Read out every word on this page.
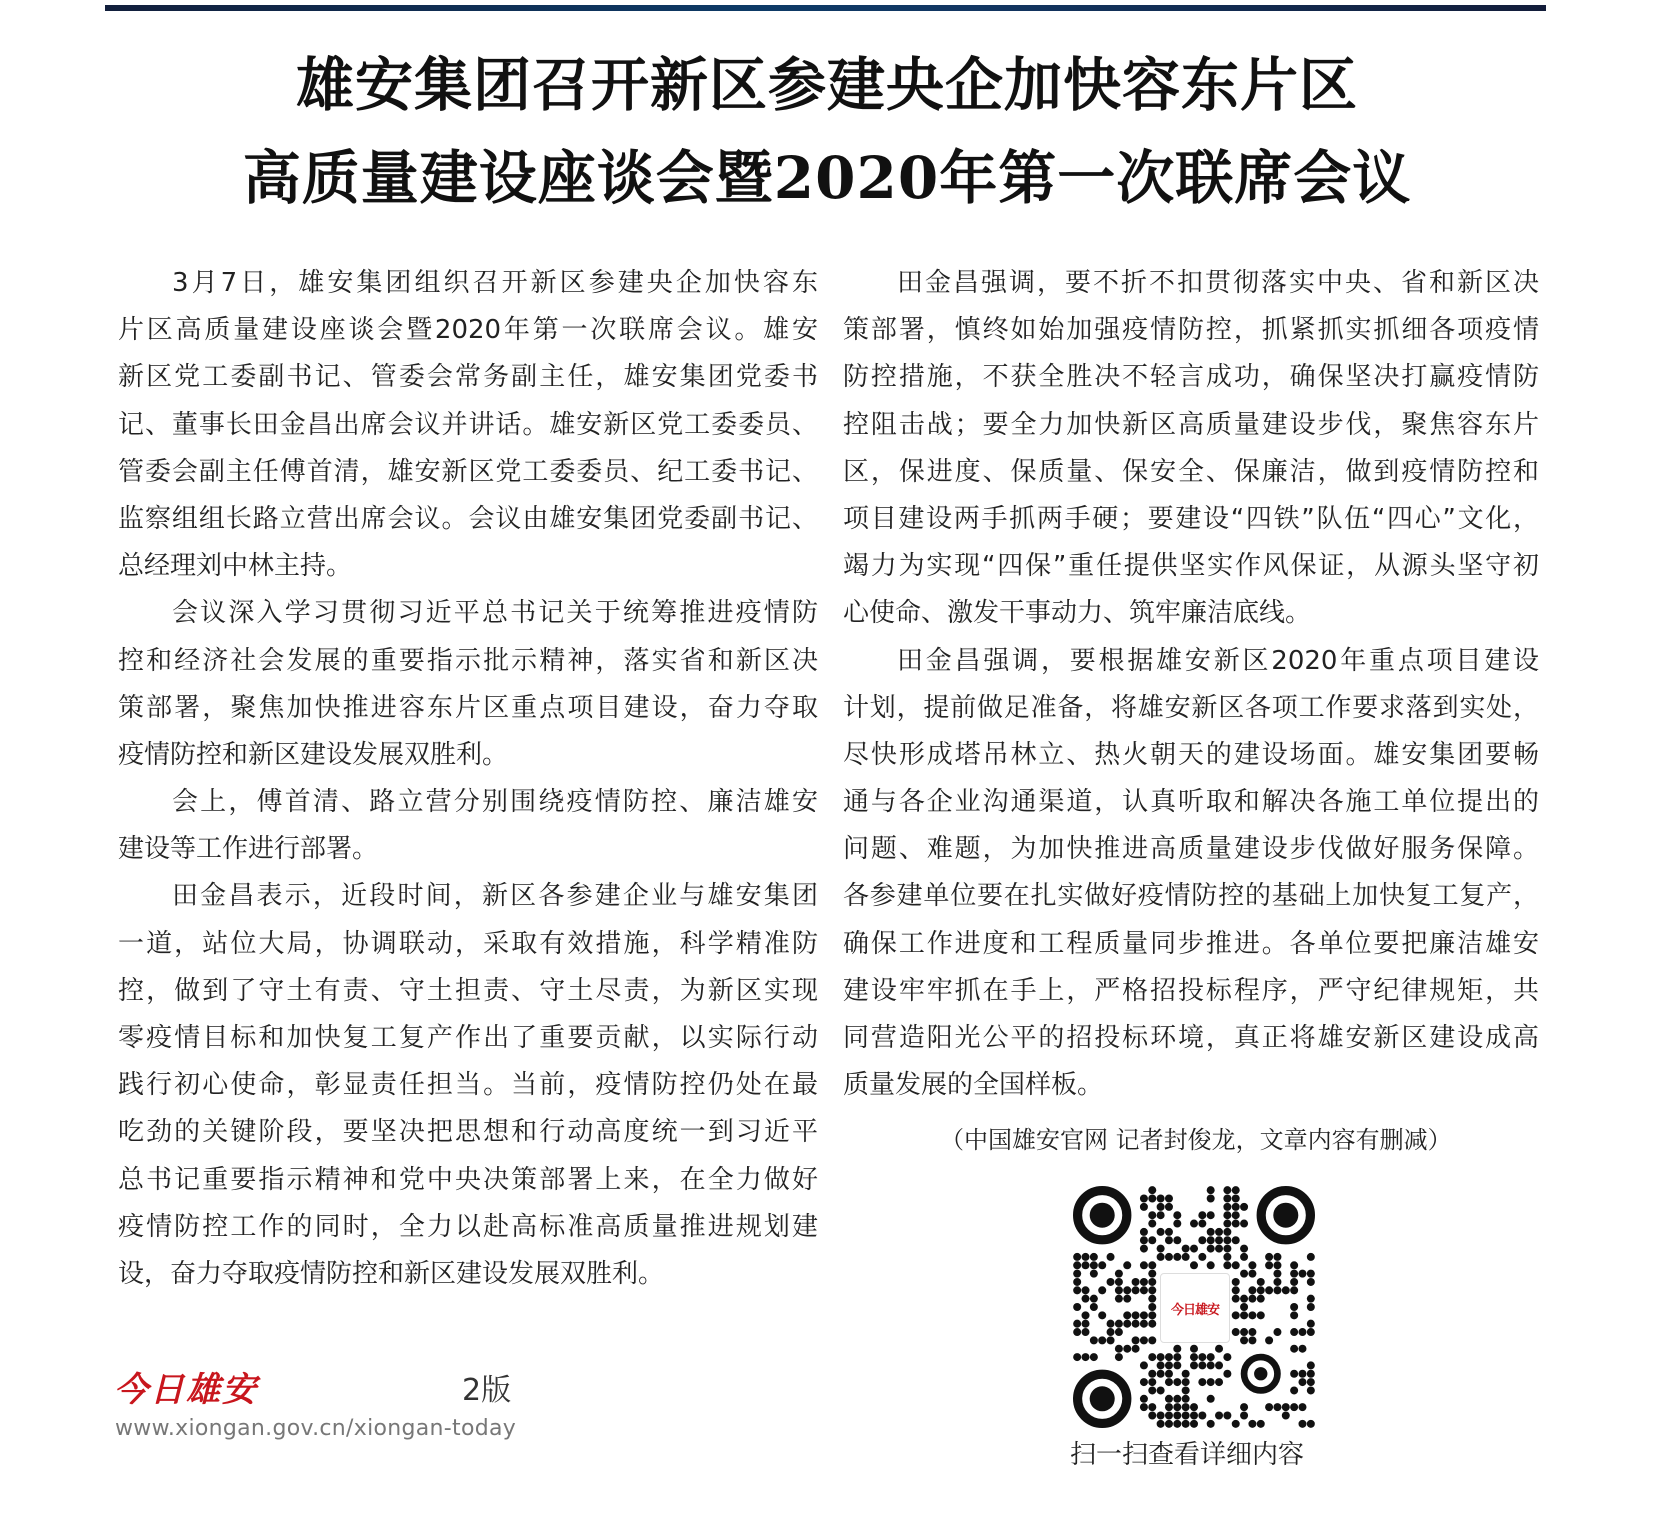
雄安集团召开新区参建央企加快容东片区
高质量建设座谈会暨2020年第一次联席会议
3月7日，雄安集团组织召开新区参建央企加快容东
片区高质量建设座谈会暨2020年第一次联席会议。雄安
新区党工委副书记、管委会常务副主任，雄安集团党委书
记、董事长田金昌出席会议并讲话。雄安新区党工委委员、
管委会副主任傅首清，雄安新区党工委委员、纪工委书记、
监察组组长路立营出席会议。会议由雄安集团党委副书记、
总经理刘中林主持。
会议深入学习贯彻习近平总书记关于统筹推进疫情防
控和经济社会发展的重要指示批示精神，落实省和新区决
策部署，聚焦加快推进容东片区重点项目建设，奋力夺取
疫情防控和新区建设发展双胜利。
会上，傅首清、路立营分别围绕疫情防控、廉洁雄安
建设等工作进行部署。
田金昌表示，近段时间，新区各参建企业与雄安集团
一道，站位大局，协调联动，采取有效措施，科学精准防
控，做到了守土有责、守土担责、守土尽责，为新区实现
零疫情目标和加快复工复产作出了重要贡献，以实际行动
践行初心使命，彰显责任担当。当前，疫情防控仍处在最
吃劲的关键阶段，要坚决把思想和行动高度统一到习近平
总书记重要指示精神和党中央决策部署上来，在全力做好
疫情防控工作的同时，全力以赴高标准高质量推进规划建
设，奋力夺取疫情防控和新区建设发展双胜利。
田金昌强调，要不折不扣贯彻落实中央、省和新区决
策部署，慎终如始加强疫情防控，抓紧抓实抓细各项疫情
防控措施，不获全胜决不轻言成功，确保坚决打赢疫情防
控阻击战；要全力加快新区高质量建设步伐，聚焦容东片
区，保进度、保质量、保安全、保廉洁，做到疫情防控和
项目建设两手抓两手硬；要建设“四铁”队伍“四心”文化，
竭力为实现“四保”重任提供坚实作风保证，从源头坚守初
心使命、激发干事动力、筑牢廉洁底线。
田金昌强调，要根据雄安新区2020年重点项目建设
计划，提前做足准备，将雄安新区各项工作要求落到实处，
尽快形成塔吊林立、热火朝天的建设场面。雄安集团要畅
通与各企业沟通渠道，认真听取和解决各施工单位提出的
问题、难题，为加快推进高质量建设步伐做好服务保障。
各参建单位要在扎实做好疫情防控的基础上加快复工复产，
确保工作进度和工程质量同步推进。各单位要把廉洁雄安
建设牢牢抓在手上，严格招投标程序，严守纪律规矩，共
同营造阳光公平的招投标环境，真正将雄安新区建设成高
质量发展的全国样板。
（中国雄安官网 记者封俊龙，文章内容有删减）
今日雄安
扫一扫查看详细内容
今日雄安	2版
www.xiongan.gov.cn/xiongan-today
